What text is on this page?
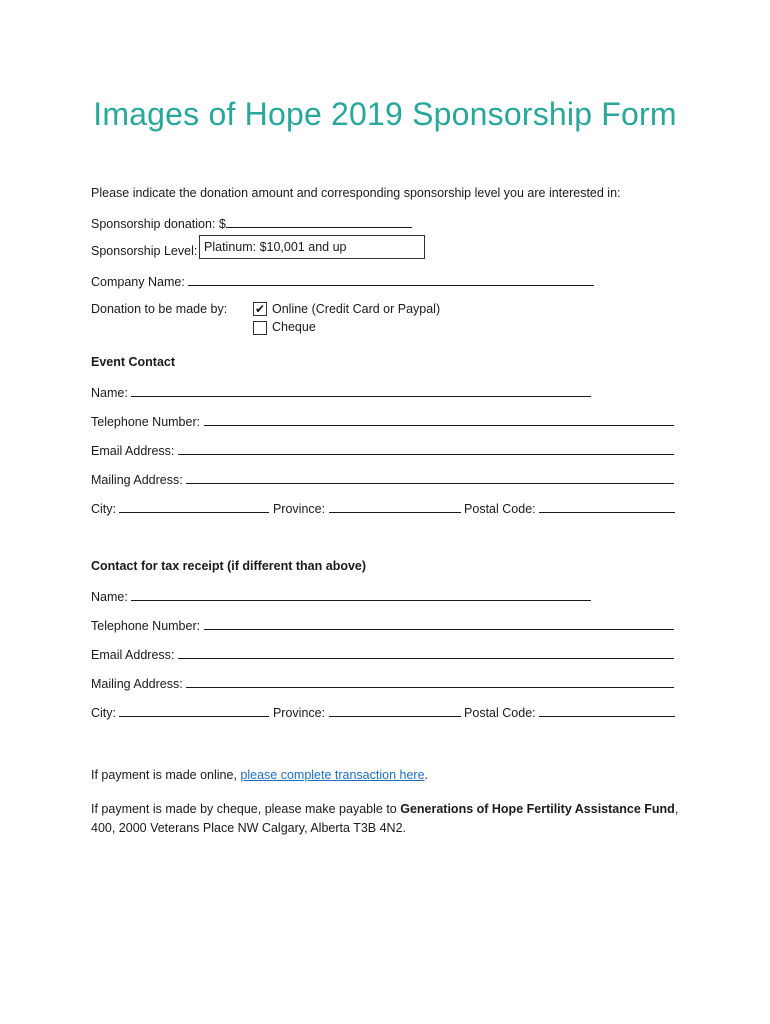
Images of Hope 2019 Sponsorship Form
Please indicate the donation amount and corresponding sponsorship level you are interested in:
Sponsorship donation: $
Sponsorship Level: Platinum: $10,001 and up
Company Name:
Donation to be made by: ✔ Online (Credit Card or Paypal)
Cheque
Event Contact
Name:
Telephone Number:
Email Address:
Mailing Address:
City:	Province:	Postal Code:
Contact for tax receipt (if different than above)
Name:
Telephone Number:
Email Address:
Mailing Address:
City:	Province:	Postal Code:
If payment is made online, please complete transaction here.
If payment is made by cheque, please make payable to Generations of Hope Fertility Assistance Fund,
400, 2000 Veterans Place NW Calgary, Alberta T3B 4N2.
